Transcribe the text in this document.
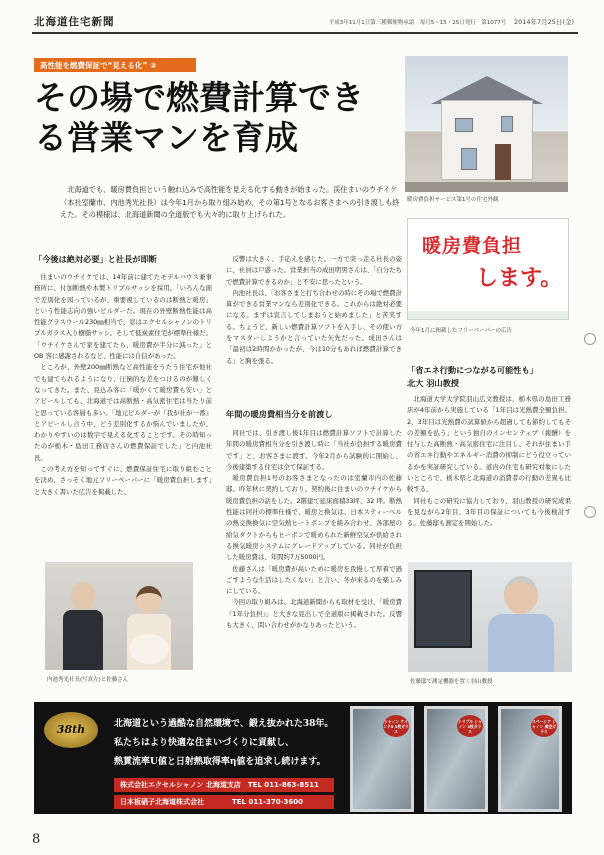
北海道住宅新聞	平成3年11月1日第三種郵便物承認　毎月5・15・25日発行　第1077号 2014年7月25日(金)
高性能を燃費保証で“見える化” ②
その場で燃費計算できる営業マンを育成
暖房費負担サービス第1号の住宅外観

北海道でも、暖房費負担という触れ込みで高性能を見える化する動きが始まった。渓住まいのウチイケ（本社室蘭市、内池秀光社長）は今年1月から取り組み始め、その第1号となるお客さまへの引き渡しも終えた。その模様は、北海道新聞の全道版でも大々的に取り上げられた。

暖房費負担
します。
今年1月に掲載したフリーペーパーの広告
「今後は絶対必要」と社長が即断

住まいのウチイケでは、14年前に建てたモデルハウス兼事務所に、付加断熱や木製トリプルサッシを採用。「いろんな面で差別化を図っているが、重要視しているのは断熱と暖房」という性能志向の強いビルダーだ。現在の外壁断熱性能は高性能グラスウール230㎜相当で、窓はエクセルシャノンのトリプルガラス入り樹脂サッシ。そして低炭素住宅が標準仕様だ。「ウチイケさんで家を建てたら、暖房費が半分に減った」と OB 客に感謝されるなど、性能には自信があった。

ところが、外壁200㎜断熱など高性能をうたう住宅が他社でも建てられるようになり、圧倒的な差をつけるのが難しくなってきた。また、見込み客に「暖かくて暖房費も安い」とアピールしても、北海道では高断熱・高気密住宅は当たり前と思っている客層も多い。「地元ビルダーが『我が社が一番』とアピールし合う中、どう差別化するか悩んでいましたが、わかりやすいのは数字で見える化することです。その時知ったのが栃木・島田工務店さんの燃費保証でした」と内池社長。

この考え方を知ってすぐに、燃費保証住宅に取り組むことを決め、さっそく地元フリーペーパーに「暖房費負担します」と大きく書いた広告を掲載した。

反響は大きく、手応えを感じた。一方で突っ走る社長の姿に、社員は戸惑った。営業担当の成田明男さんは、「自分たちで燃費計算できるのか」と不安に思ったという。

内池社長は、「お客さまと打ち合わせの時にその場で燃費計算ができる営業マンなら差別化できる。これからは絶対必要になる。まずは宣言してしまおうと始めました」と苦笑する。ちょうど、新しい燃費計算ソフトを入手し、その使い方をマスターしようかと言っていた矢先だった。成田さんは「最初は2時間かかったが、今は10分もあれば燃費計算できる」と胸を張る。

年間の暖房費相当分を前渡し

同社では、引き渡し後1年目は燃費計算ソフトで計算した年間の暖房費相当分を引き渡し時に「当社が負担する暖房費です」と、お客さまに渡す。今年2月から試験的に開始し、今後建築する住宅は全て保証する。

暖房費負担1号のお客さまとなったのは室蘭市内の佐藤邸。昨年秋に契約しており、契約後に住まいのウチイケから暖房費負担の話をした。2階建て延床面積33坪、32 坪。断熱性能は同社の標準仕様で、暖房と換気は、日本スティーベルの熱交換換気に空気熱ヒートポンプを組み合わせ、各部屋の給気ダクトからもヒーボンで暖められた新鮮空気が供給される換気暖房システムにグレードアップしている。同社が負担した暖房費は、年間約7万5000円。

佐藤さんは「暖房費が高いために暖房を我慢して厚着で過ごすような生活はしたくない」と言い、冬が来るのを楽しみにしている。

今回の取り組みは、北海道新聞からも取材を受け、「暖房費『1年分負担』」と大きな見出しで全道版に掲載された。反響も大きく、問い合わせがかなりあったという。

「省エネ行動につながる可能性も」
北大 羽山教授

北海道大学大学院羽山広文教授は、栃木県の島田工務店が4年前から実施している「1年目は光熱費全額負担、2、3年目は光熱費の試算値から超過しても節約してもその差額を払う」という独自のインセンティブ（報酬）を付与した高断熱・高気密住宅に注目し、それが住まい手の省エネ行動やエネルギー消費の抑制にどう役立っているかを実証研究している。道内の住宅も研究対象にしたいところで、栃木県と北海道の消費者の行動の差異も比較する。

同社もこの研究に協力しており、羽山教授の研究成果を見ながら2年目、3年目の保証についても今後検討する。佐藤邸も測定を開始した。

内池秀光社長(写真左)と佐藤さん	佐藤邸で測定機器を置く羽山教授
38th	北海道という過酷な自然環境で、鍛え抜かれた38年。
私たちはより快適な住まいづくりに貢献し、
熱貫流率U値と日射熱取得率η値を追求し続けます。
株式会社エクセルシャノン 北海道支店　TEL 011-863-8511
日本板硝子北海道株式会社　　　　TEL 011-370-3600
シャノン ウインドⅡ 3枚ガラス
トリプル シャノン 3枚ガラス
スペーシア シャノン 真空ガラス
8
